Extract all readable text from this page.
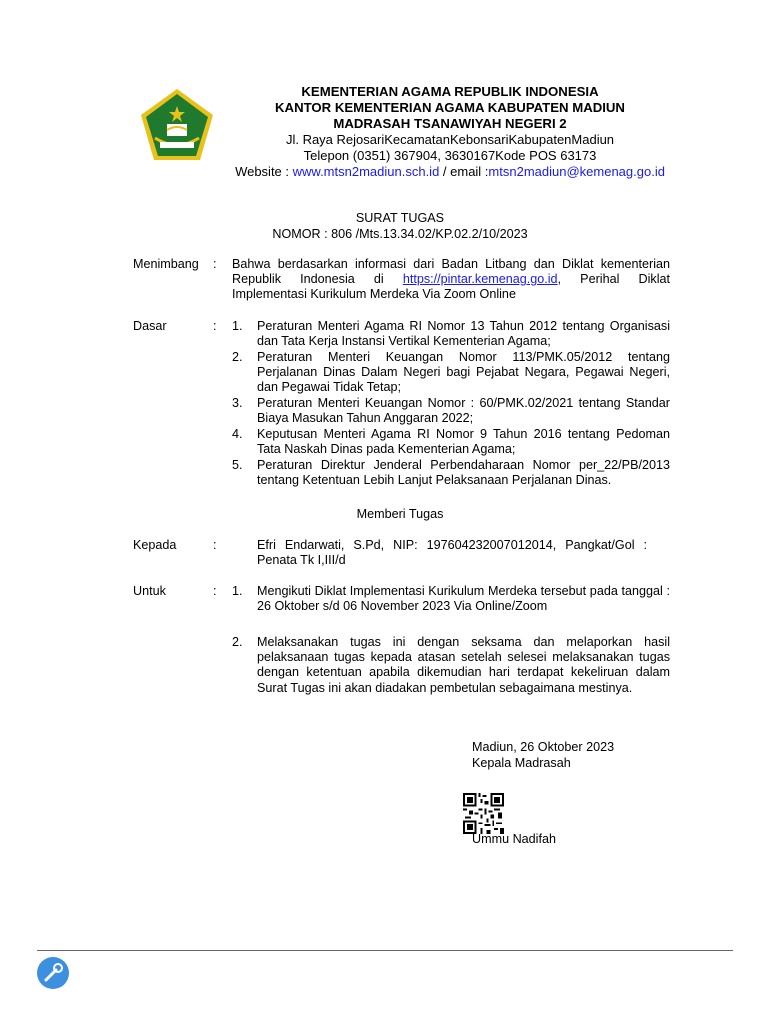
KEMENTERIAN AGAMA REPUBLIK INDONESIA
KANTOR KEMENTERIAN AGAMA KABUPATEN MADIUN
MADRASAH TSANAWIYAH NEGERI 2
Jl. Raya RejosariKecamatanKebonsariKabupatenMadiun
Telepon (0351) 367904, 3630167Kode POS 63173
Website : www.mtsn2madiun.sch.id / email :mtsn2madiun@kemenag.go.id
SURAT TUGAS
NOMOR : 806 /Mts.13.34.02/KP.02.2/10/2023
Menimbang : Bahwa berdasarkan informasi dari Badan Litbang dan Diklat kementerian Republik Indonesia di https://pintar.kemenag.go.id, Perihal Diklat Implementasi Kurikulum Merdeka Via Zoom Online
Dasar	: 1. Peraturan Menteri Agama RI Nomor 13 Tahun 2012 tentang Organisasi dan Tata Kerja Instansi Vertikal Kementerian Agama;
2. Peraturan Menteri Keuangan Nomor 113/PMK.05/2012 tentang Perjalanan Dinas Dalam Negeri bagi Pejabat Negara, Pegawai Negeri, dan Pegawai Tidak Tetap;
3. Peraturan Menteri Keuangan Nomor : 60/PMK.02/2021 tentang Standar Biaya Masukan Tahun Anggaran 2022;
4. Keputusan Menteri Agama RI Nomor 9 Tahun 2016 tentang Pedoman Tata Naskah Dinas pada Kementerian Agama;
5. Peraturan Direktur Jenderal Perbendaharaan Nomor per_22/PB/2013 tentang Ketentuan Lebih Lanjut Pelaksanaan Perjalanan Dinas.
Memberi Tugas
Kepada	:	Efri Endarwati, S.Pd, NIP: 197604232007012014, Pangkat/Gol : Penata Tk I,III/d
Untuk	: 1. Mengikuti Diklat Implementasi Kurikulum Merdeka tersebut pada tanggal : 26 Oktober s/d 06 November 2023 Via Online/Zoom
2. Melaksanakan tugas ini dengan seksama dan melaporkan hasil pelaksanaan tugas kepada atasan setelah selesei melaksanakan tugas dengan ketentuan apabila dikemudian hari terdapat kekeliruan dalam Surat Tugas ini akan diadakan pembetulan sebagaimana mestinya.
Madiun, 26 Oktober 2023
Kepala Madrasah
Ummu Nadifah
